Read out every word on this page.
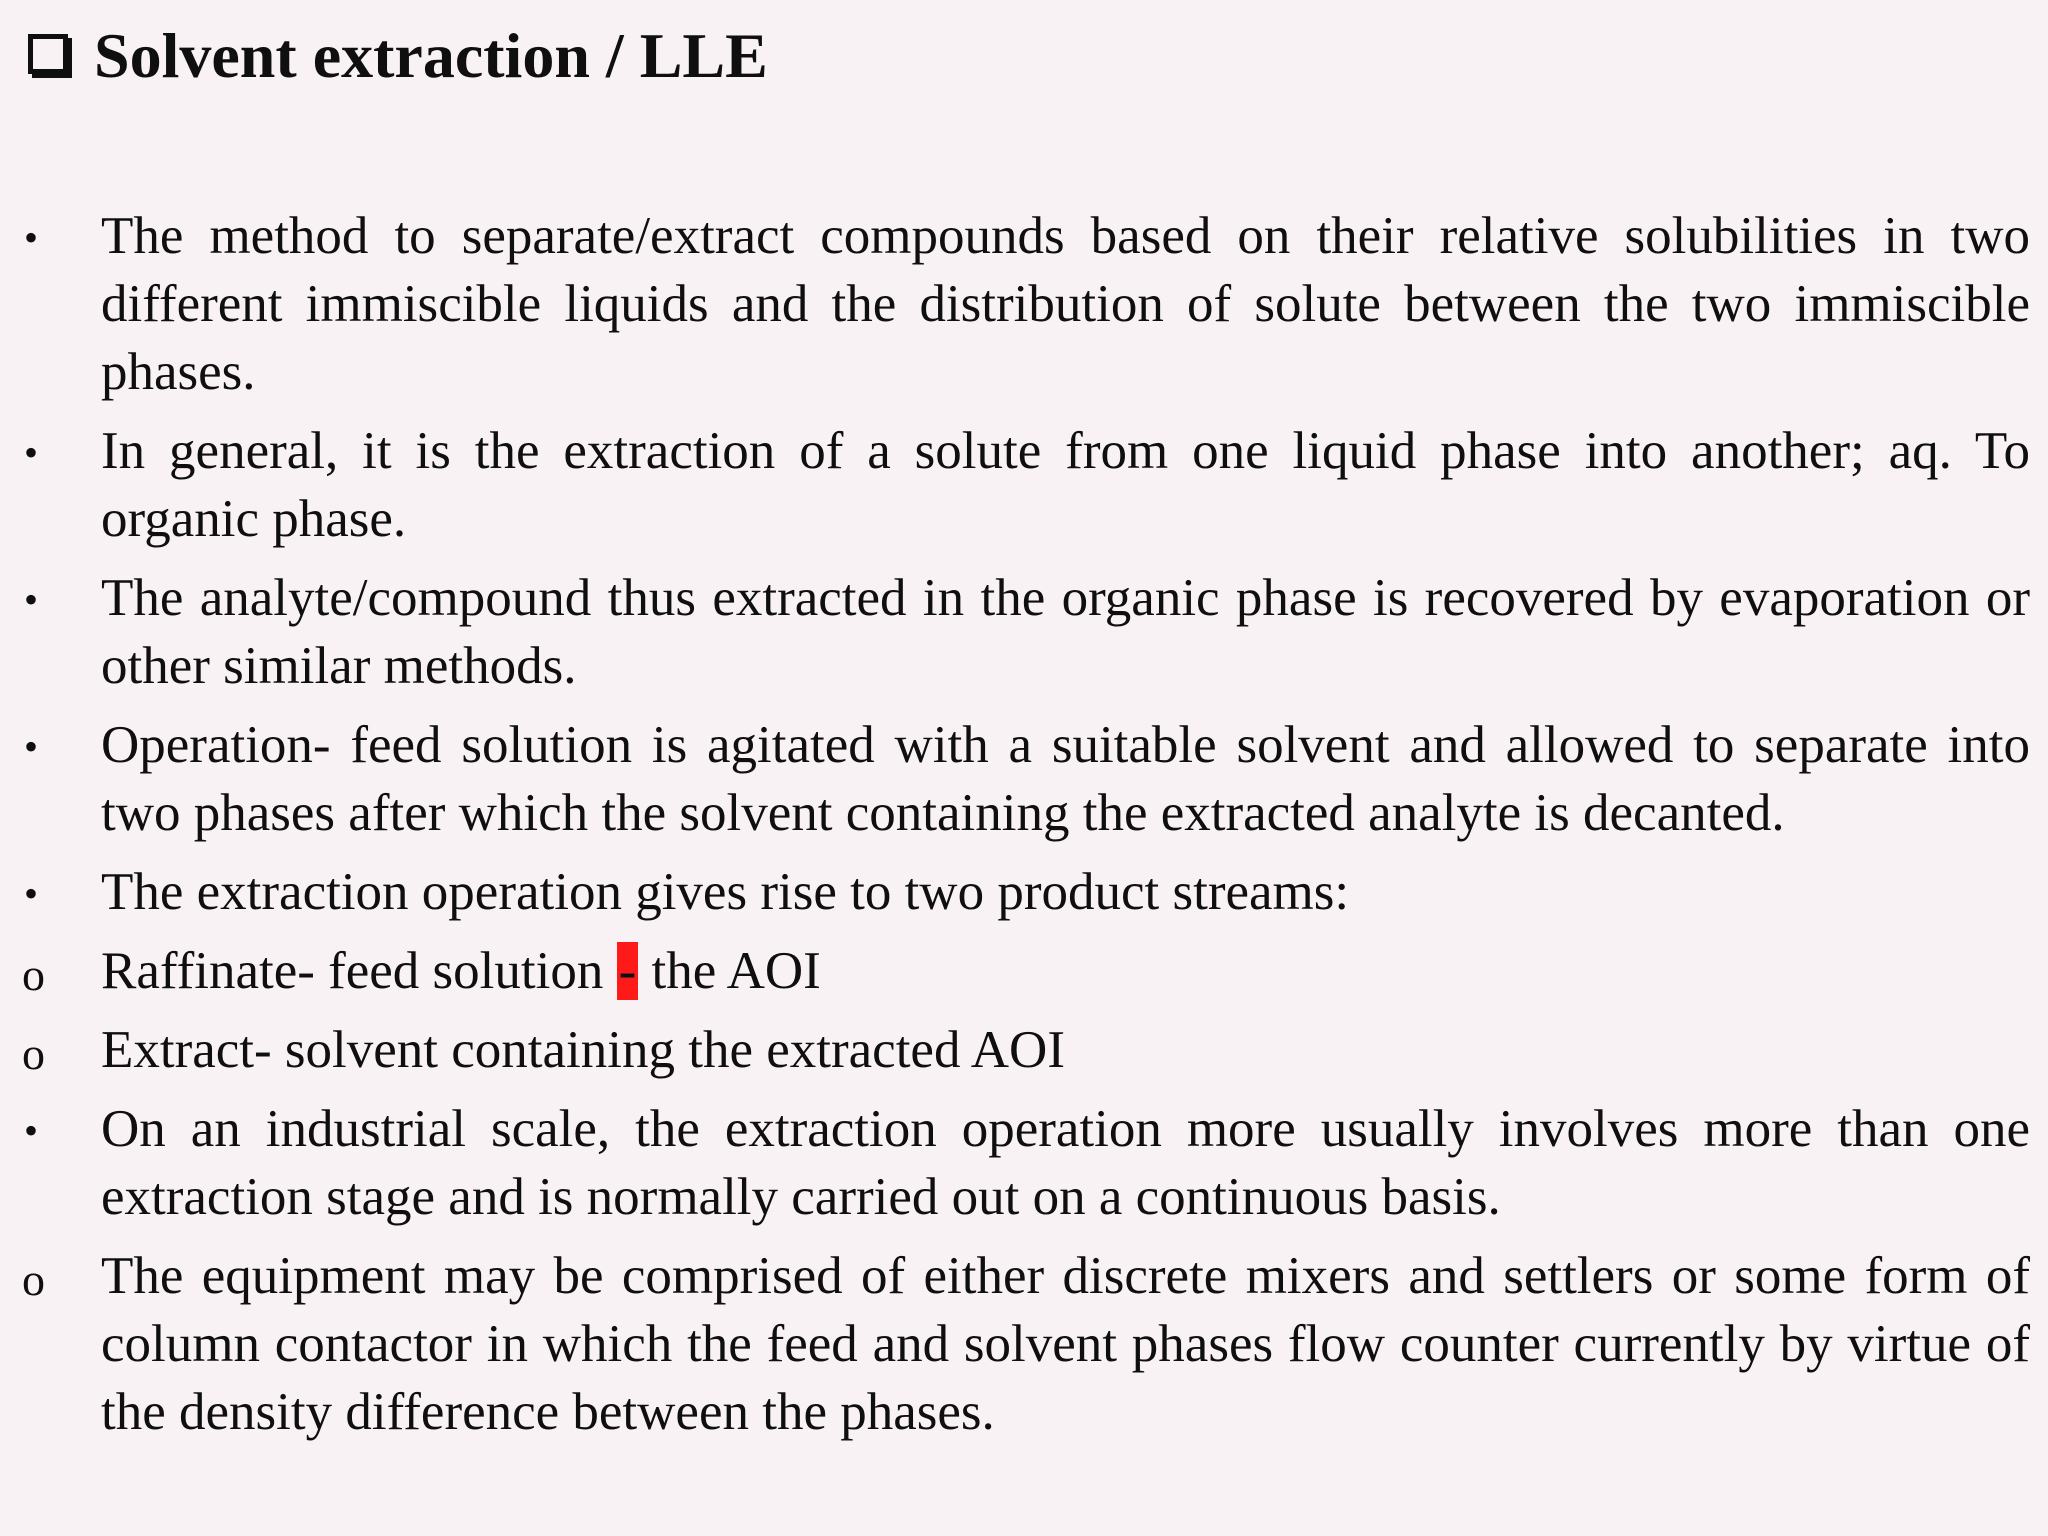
Solvent extraction / LLE
•	The method to separate/extract compounds based on their relative solubilities in two different immiscible liquids and the distribution of solute between the two immiscible phases.
•	In general, it is the extraction of a solute from one liquid phase into another; aq. To organic phase.
•	The analyte/compound thus extracted in the organic phase is recovered by evaporation or other similar methods.
•	Operation- feed solution is agitated with a suitable solvent and allowed to separate into two phases after which the solvent containing the extracted analyte is decanted.
•	The extraction operation gives rise to two product streams:
o	Raffinate- feed solution - the AOI
o	Extract- solvent containing the extracted AOI
•	On an industrial scale, the extraction operation more usually involves more than one extraction stage and is normally carried out on a continuous basis.
o	The equipment may be comprised of either discrete mixers and settlers or some form of column contactor in which the feed and solvent phases flow counter currently by virtue of the density difference between the phases.
